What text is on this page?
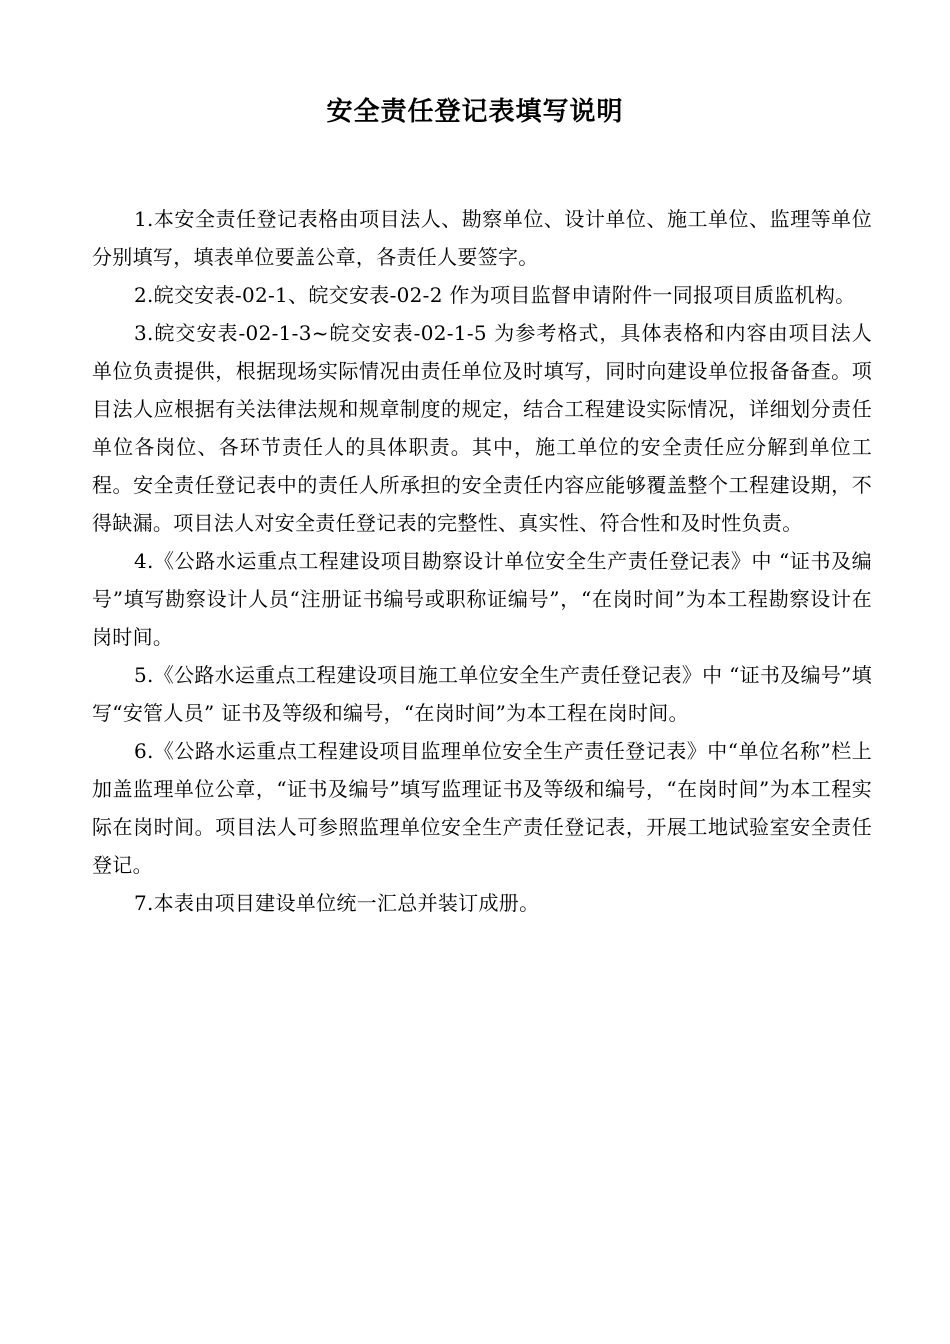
安全责任登记表填写说明

1.本安全责任登记表格由项目法人、勘察单位、设计单位、施工单位、监理等单位分别填写，填表单位要盖公章，各责任人要签字。

2.皖交安表-02-1、皖交安表-02-2 作为项目监督申请附件一同报项目质监机构。

3.皖交安表-02-1-3~皖交安表-02-1-5 为参考格式，具体表格和内容由项目法人单位负责提供，根据现场实际情况由责任单位及时填写，同时向建设单位报备备查。项目法人应根据有关法律法规和规章制度的规定，结合工程建设实际情况，详细划分责任单位各岗位、各环节责任人的具体职责。其中，施工单位的安全责任应分解到单位工程。安全责任登记表中的责任人所承担的安全责任内容应能够覆盖整个工程建设期，不得缺漏。项目法人对安全责任登记表的完整性、真实性、符合性和及时性负责。

4.《公路水运重点工程建设项目勘察设计单位安全生产责任登记表》中 “证书及编号”填写勘察设计人员“注册证书编号或职称证编号”，“在岗时间”为本工程勘察设计在岗时间。

5.《公路水运重点工程建设项目施工单位安全生产责任登记表》中 “证书及编号”填写“安管人员” 证书及等级和编号，“在岗时间”为本工程在岗时间。

6.《公路水运重点工程建设项目监理单位安全生产责任登记表》中“单位名称”栏上加盖监理单位公章，“证书及编号”填写监理证书及等级和编号，“在岗时间”为本工程实际在岗时间。项目法人可参照监理单位安全生产责任登记表，开展工地试验室安全责任登记。

7.本表由项目建设单位统一汇总并装订成册。
